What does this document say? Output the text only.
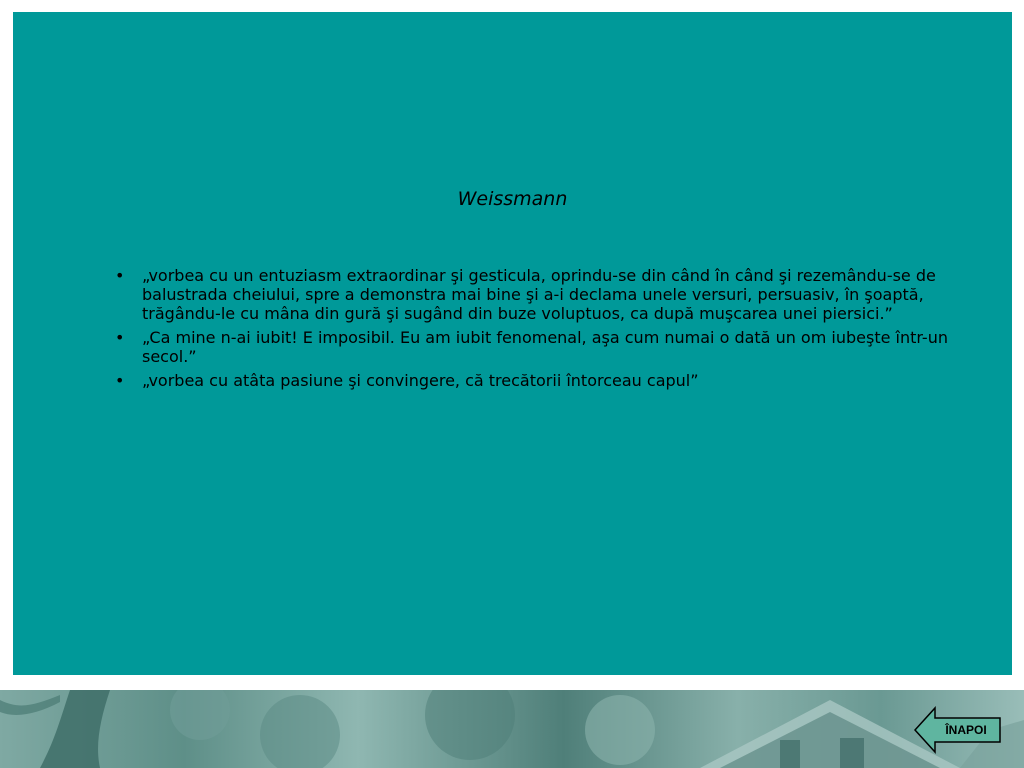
Weissmann
• „vorbea cu un entuziasm extraordinar şi gesticula, oprindu-se din când în când şi rezemându-se de balustrada cheiului, spre a demonstra mai bine şi a-i declama unele versuri, persuasiv, în şoaptă, trăgându-le cu mâna din gură şi sugând din buze voluptuos, ca după muşcarea unei piersici.”
• „Ca mine n-ai iubit! E imposibil. Eu am iubit fenomenal, aşa cum numai o dată un om iubeşte într-un secol.”
• „vorbea cu atâta pasiune şi convingere, că trecătorii întorceau capul”
ÎNAPOI
